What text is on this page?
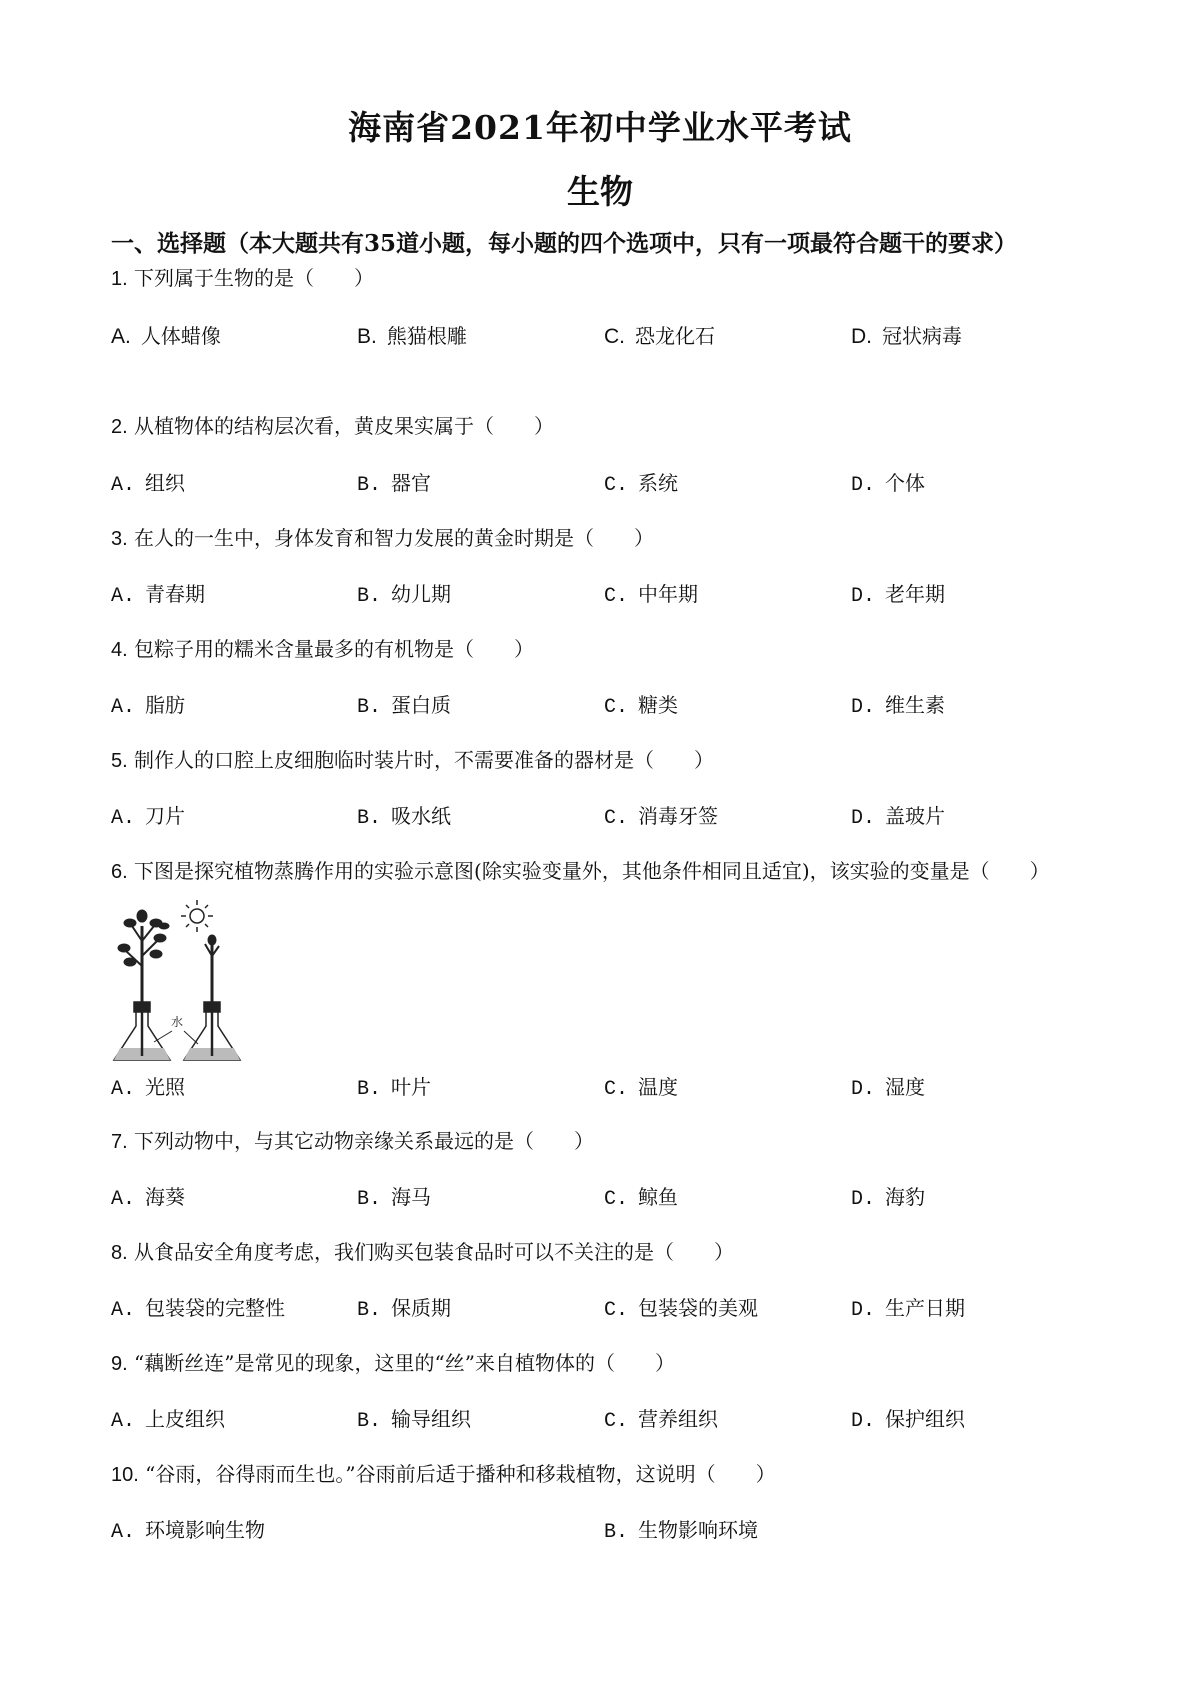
海南省2021年初中学业水平考试
生物
一、选择题（本大题共有35道小题，每小题的四个选项中，只有一项最符合题干的要求）
1. 下列属于生物的是（　　）
A. 人体蜡像	B. 熊猫根雕	C. 恐龙化石	D. 冠状病毒
2. 从植物体的结构层次看，黄皮果实属于（　　）
A. 组织	B. 器官	C. 系统	D. 个体
3. 在人的一生中，身体发育和智力发展的黄金时期是（　　）
A. 青春期	B. 幼儿期	C. 中年期	D. 老年期
4. 包粽子用的糯米含量最多的有机物是（　　）
A. 脂肪	B. 蛋白质	C. 糖类	D. 维生素
5. 制作人的口腔上皮细胞临时装片时，不需要准备的器材是（　　）
A. 刀片	B. 吸水纸	C. 消毒牙签	D. 盖玻片
6. 下图是探究植物蒸腾作用的实验示意图(除实验变量外，其他条件相同且适宜)，该实验的变量是（　　）
水
A. 光照	B. 叶片	C. 温度	D. 湿度
7. 下列动物中，与其它动物亲缘关系最远的是（　　）
A. 海葵	B. 海马	C. 鲸鱼	D. 海豹
8. 从食品安全角度考虑，我们购买包装食品时可以不关注的是（　　）
A. 包装袋的完整性	B. 保质期	C. 包装袋的美观	D. 生产日期
9. “藕断丝连”是常见的现象，这里的“丝”来自植物体的（　　）
A. 上皮组织	B. 输导组织	C. 营养组织	D. 保护组织
10. “谷雨，谷得雨而生也。”谷雨前后适于播种和移栽植物，这说明（　　）
A. 环境影响生物	B. 生物影响环境
